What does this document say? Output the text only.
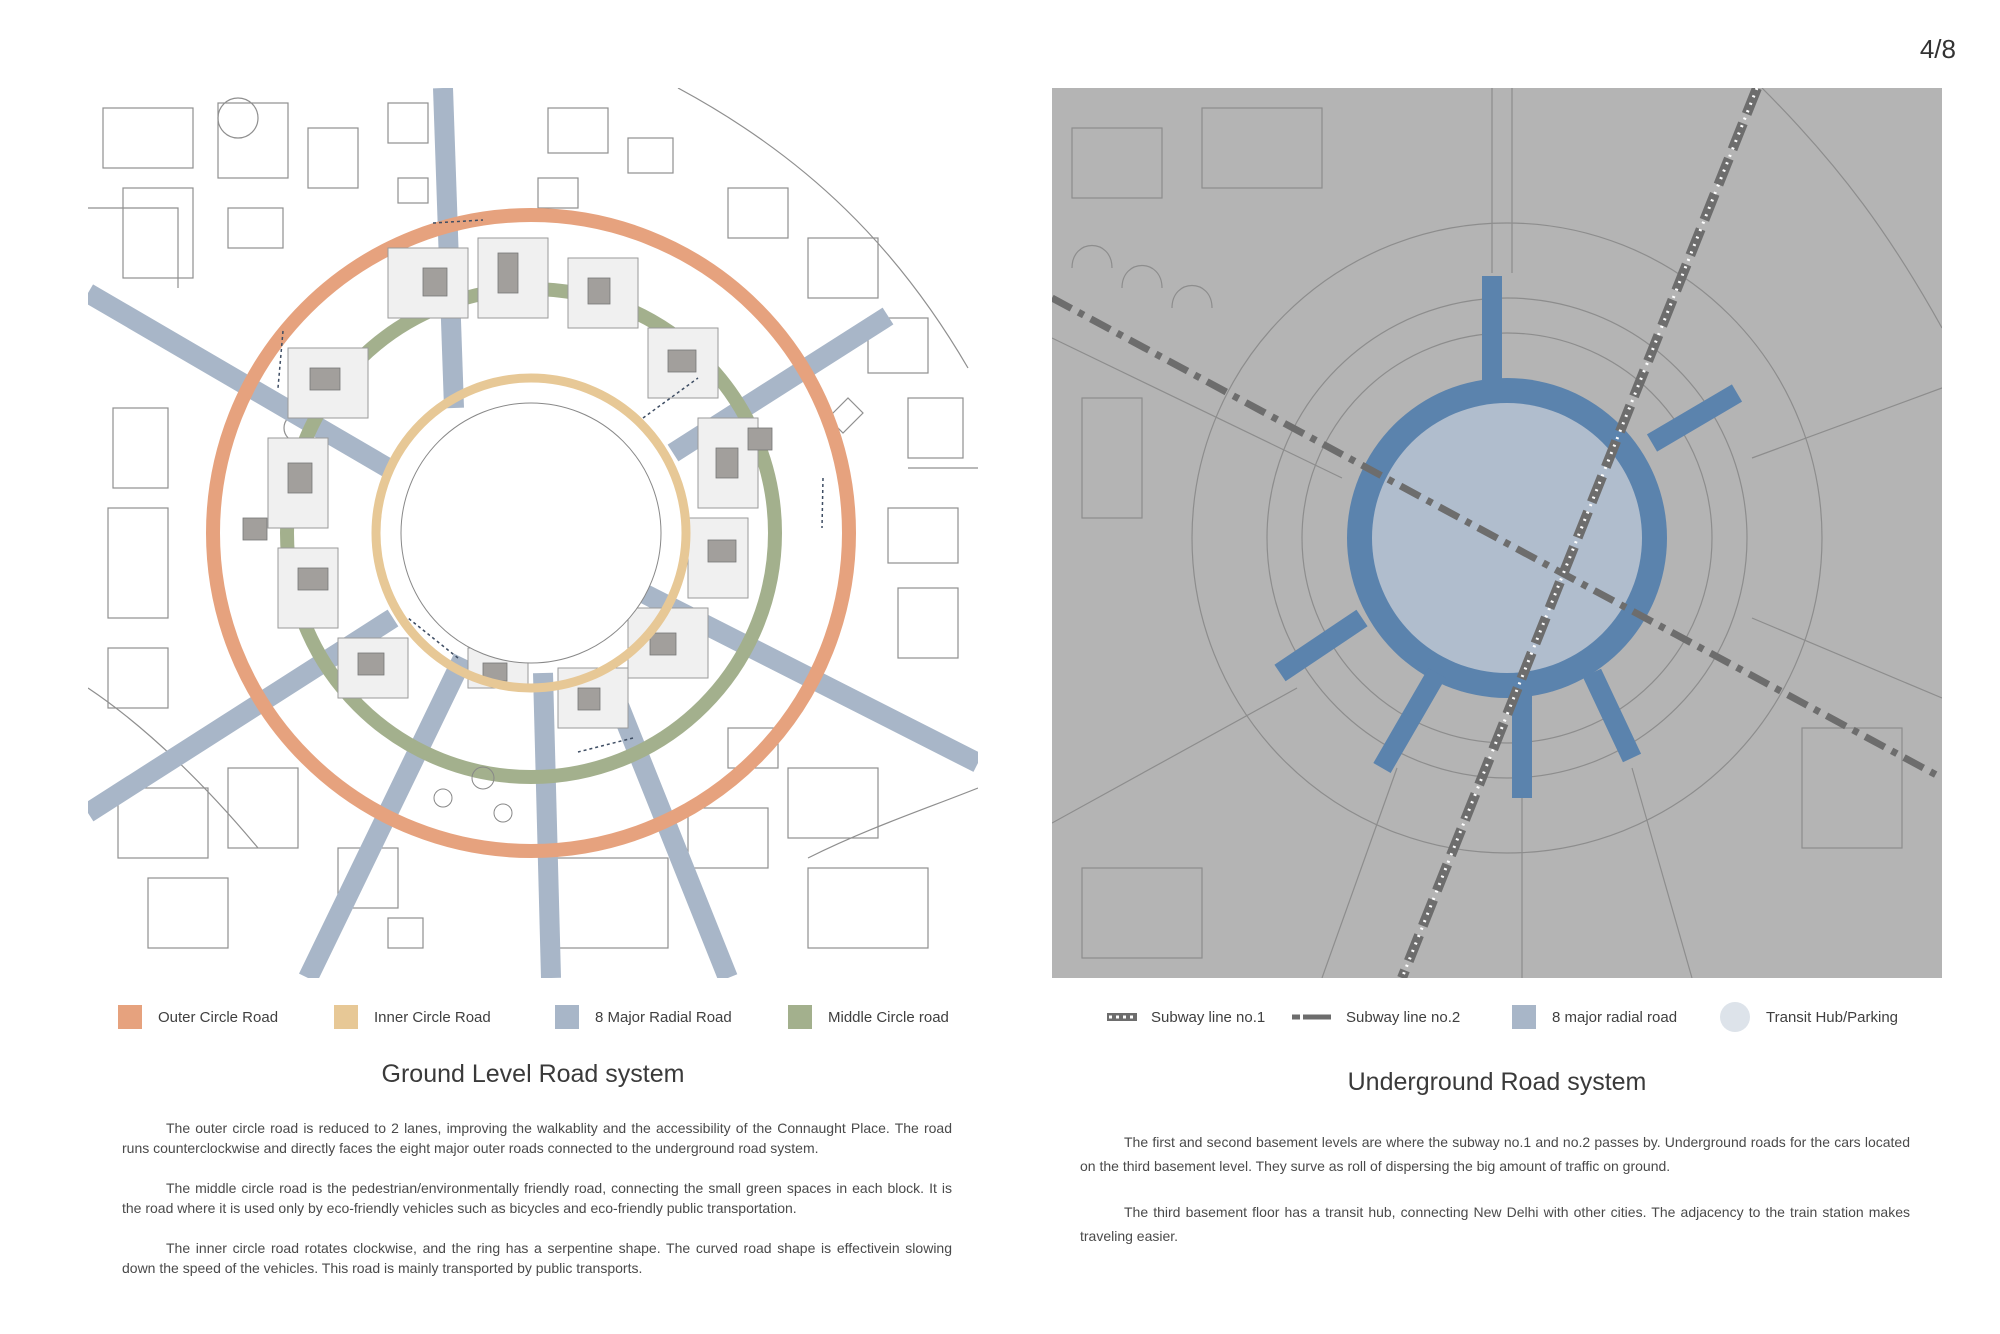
4/8
Outer Circle Road	Inner Circle Road	8 Major Radial Road	Middle Circle road	Subway line no.1	Subway line no.2	8 major radial road	Transit Hub/Parking
Ground Level Road system	Underground Road system

The outer circle road is reduced to 2 lanes, improving the walkablity and the accessibility of the Connaught Place. The road runs counterclockwise and directly faces the eight major outer roads connected to the underground road system.

The middle circle road is the pedestrian/environmentally friendly road, connecting the small green spaces in each block. It is the road where it is used only by eco-friendly vehicles such as bicycles and eco-friendly public transportation.

The inner circle road rotates clockwise, and the ring has a serpentine shape. The curved road shape is effectivein slowing down the speed of the vehicles. This road is mainly transported by public transports.

The first and second basement levels are where the subway no.1 and no.2 passes by. Underground roads for the cars located on the third basement level. They surve as roll of dispersing the big amount of traffic on ground.

The third basement floor has a transit hub, connecting New Delhi with other cities. The adjacency to the train station makes traveling easier.
